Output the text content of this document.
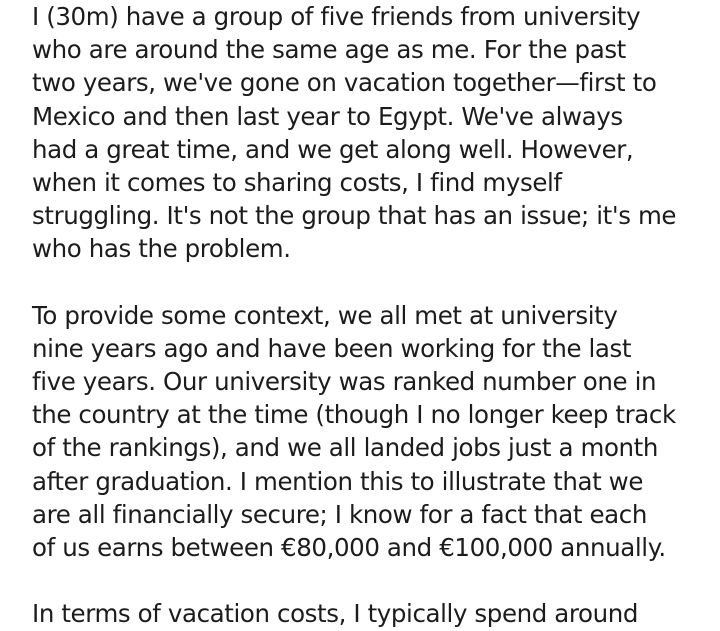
I (30m) have a group of five friends from university
who are around the same age as me. For the past
two years, we've gone on vacation together—first to
Mexico and then last year to Egypt. We've always
had a great time, and we get along well. However,
when it comes to sharing costs, I find myself
struggling. It's not the group that has an issue; it's me
who has the problem.
To provide some context, we all met at university
nine years ago and have been working for the last
five years. Our university was ranked number one in
the country at the time (though I no longer keep track
of the rankings), and we all landed jobs just a month
after graduation. I mention this to illustrate that we
are all financially secure; I know for a fact that each
of us earns between €80,000 and €100,000 annually.
In terms of vacation costs, I typically spend around
